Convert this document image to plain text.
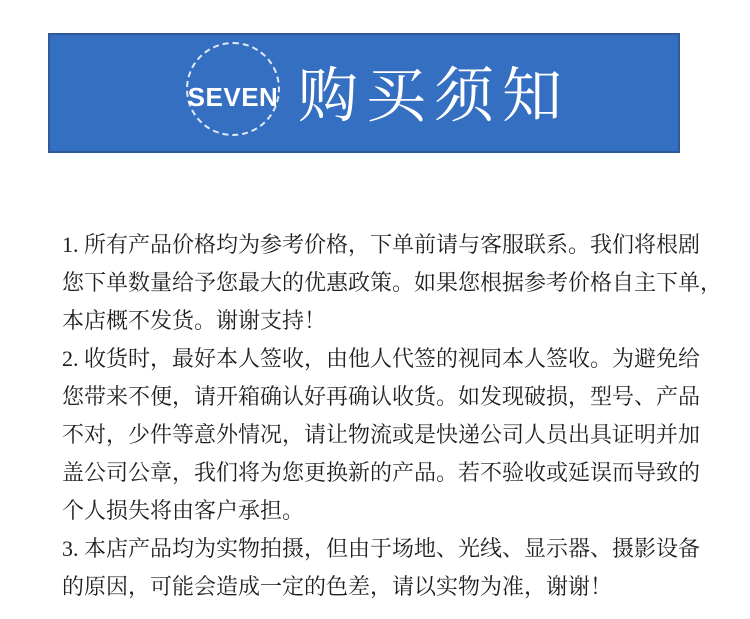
SEVEN 购买须知
1. 所有产品价格均为参考价格，下单前请与客服联系。我们将根剧
您下单数量给予您最大的优惠政策。如果您根据参考价格自主下单，
本店概不发货。谢谢支持！
2. 收货时，最好本人签收，由他人代签的视同本人签收。为避免给
您带来不便，请开箱确认好再确认收货。如发现破损，型号、产品
不对，少件等意外情况，请让物流或是快递公司人员出具证明并加
盖公司公章，我们将为您更换新的产品。若不验收或延误而导致的
个人损失将由客户承担。
3. 本店产品均为实物拍摄，但由于场地、光线、显示器、摄影设备
的原因，可能会造成一定的色差，请以实物为准，谢谢！
